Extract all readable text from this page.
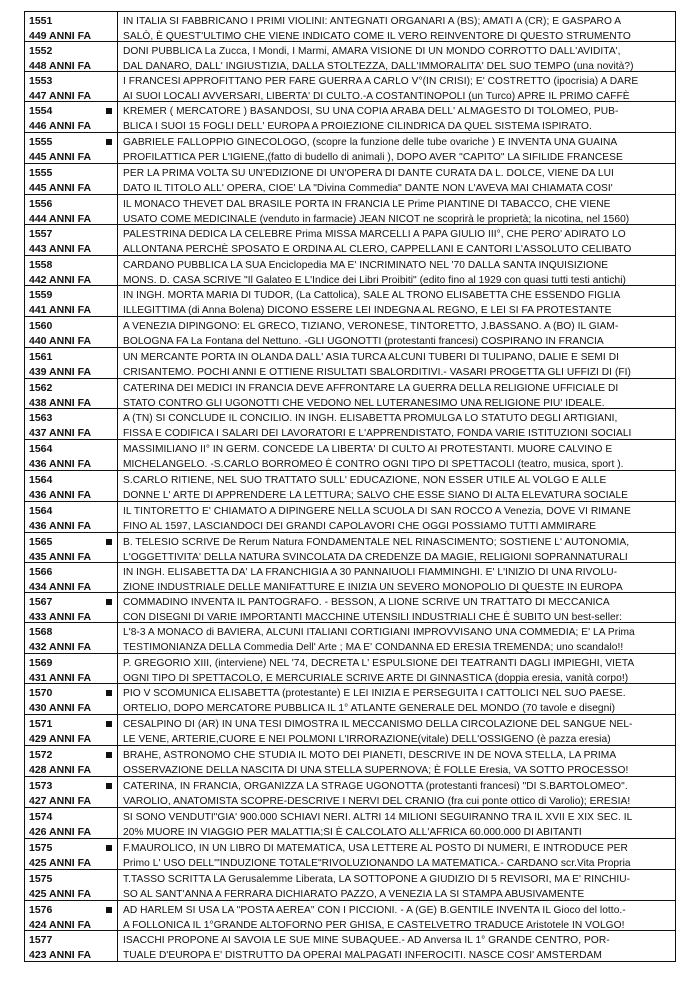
1551
449 ANNI FA
IN ITALIA SI FABBRICANO I PRIMI VIOLINI: ANTEGNATI ORGANARI A (BS); AMATI A (CR); E GASPARO A
SALÒ, È QUEST'ULTIMO CHE VIENE INDICATO COME IL VERO REINVENTORE DI QUESTO STRUMENTO
1552
448 ANNI FA
DONI PUBBLICA La Zucca, I Mondi, I Marmi, AMARA VISIONE DI UN MONDO CORROTTO DALL'AVIDITA',
DAL DANARO, DALL' INGIUSTIZIA, DALLA STOLTEZZA, DALL'IMMORALITA' DEL SUO TEMPO (una novità?)
1553
447 ANNI FA
I FRANCESI APPROFITTANO PER FARE GUERRA A CARLO V°(IN CRISI); E' COSTRETTO (ipocrisia) A DARE
AI SUOI LOCALI AVVERSARI, LIBERTA' DI CULTO.-A COSTANTINOPOLI (un Turco) APRE IL PRIMO CAFFÈ
1554
446 ANNI FA
KREMER ( MERCATORE ) BASANDOSI, SU UNA COPIA ARABA DELL' ALMAGESTO DI TOLOMEO, PUB-
BLICA I SUOI 15 FOGLI DELL' EUROPA A PROIEZIONE CILINDRICA DA QUEL SISTEMA ISPIRATO.
1555
445 ANNI FA
GABRIELE FALLOPPIO GINECOLOGO, (scopre la funzione delle tube ovariche ) E INVENTA UNA GUAINA
PROFILATTICA PER L'IGIENE,(fatto di budello di animali ), DOPO AVER "CAPITO" LA SIFILIDE FRANCESE
1555
445 ANNI FA
PER LA PRIMA VOLTA SU UN'EDIZIONE DI UN'OPERA DI DANTE CURATA DA L. DOLCE, VIENE DA LUI
DATO IL TITOLO ALL' OPERA, CIOE' LA "Divina Commedia" DANTE NON L'AVEVA MAI CHIAMATA COSI'
1556
444 ANNI FA
IL MONACO THEVET DAL BRASILE PORTA IN FRANCIA LE Prime PIANTINE DI TABACCO, CHE VIENE
USATO COME MEDICINALE (venduto in farmacie) JEAN NICOT ne scoprirà le proprietà; la nicotina, nel 1560)
1557
443 ANNI FA
PALESTRINA DEDICA LA CELEBRE Prima MISSA MARCELLI A PAPA GIULIO III°, CHE PERO' ADIRATO LO
ALLONTANA PERCHÈ SPOSATO E ORDINA AL CLERO, CAPPELLANI E CANTORI L'ASSOLUTO CELIBATO
1558
442 ANNI FA
CARDANO PUBBLICA LA SUA Enciclopedia MA E' INCRIMINATO NEL '70 DALLA SANTA INQUISIZIONE
MONS. D. CASA SCRIVE "Il Galateo E L'Indice dei Libri Proibiti" (edito fino al 1929 con quasi tutti testi antichi)
1559
441 ANNI FA
IN INGH. MORTA MARIA DI TUDOR, (La Cattolica), SALE AL TRONO ELISABETTA CHE ESSENDO FIGLIA
ILLEGITTIMA (di Anna Bolena) DICONO ESSERE LEI INDEGNA AL REGNO, E LEI SI FA PROTESTANTE
1560
440 ANNI FA
A VENEZIA DIPINGONO: EL GRECO, TIZIANO, VERONESE, TINTORETTO, J.BASSANO. A (BO) IL GIAM-
BOLOGNA FA La Fontana del Nettuno. -GLI UGONOTTI (protestanti francesi) COSPIRANO IN FRANCIA
1561
439 ANNI FA
UN MERCANTE PORTA IN OLANDA DALL' ASIA TURCA ALCUNI TUBERI DI TULIPANO, DALIE E SEMI DI
CRISANTEMO. POCHI ANNI E OTTIENE RISULTATI SBALORDITIVI.- VASARI PROGETTA GLI UFFIZI DI (FI)
1562
438 ANNI FA
CATERINA DEI MEDICI IN FRANCIA DEVE AFFRONTARE LA GUERRA DELLA RELIGIONE UFFICIALE DI
STATO CONTRO GLI UGONOTTI CHE VEDONO NEL LUTERANESIMO UNA RELIGIONE PIU' IDEALE.
1563
437 ANNI FA
A (TN) SI CONCLUDE IL CONCILIO. IN INGH. ELISABETTA PROMULGA LO STATUTO DEGLI ARTIGIANI,
FISSA E CODIFICA I SALARI DEI LAVORATORI E L'APPRENDISTATO, FONDA VARIE ISTITUZIONI SOCIALI
1564
436 ANNI FA
MASSIMILIANO II° IN GERM. CONCEDE LA LIBERTA' DI CULTO AI PROTESTANTI. MUORE CALVINO E
MICHELANGELO. -S.CARLO BORROMEO È CONTRO OGNI TIPO DI SPETTACOLI (teatro, musica, sport ).
1564
436 ANNI FA
S.CARLO RITIENE, NEL SUO TRATTATO SULL' EDUCAZIONE, NON ESSER UTILE AL VOLGO E ALLE
DONNE L' ARTE DI APPRENDERE LA LETTURA; SALVO CHE ESSE SIANO DI ALTA ELEVATURA SOCIALE
1564
436 ANNI FA
IL TINTORETTO E' CHIAMATO A DIPINGERE NELLA SCUOLA DI SAN ROCCO A Venezia, DOVE VI RIMANE
FINO AL 1597, LASCIANDOCI DEI GRANDI CAPOLAVORI CHE OGGI POSSIAMO TUTTI AMMIRARE
1565
435 ANNI FA
B. TELESIO SCRIVE De Rerum Natura FONDAMENTALE NEL RINASCIMENTO; SOSTIENE L' AUTONOMIA,
L'OGGETTIVITA' DELLA NATURA SVINCOLATA DA CREDENZE DA MAGIE, RELIGIONI SOPRANNATURALI
1566
434 ANNI FA
IN INGH. ELISABETTA DA' LA FRANCHIGIA A 30 PANNAIUOLI FIAMMINGHI. E' L'INIZIO DI UNA RIVOLU-
ZIONE INDUSTRIALE DELLE MANIFATTURE E INIZIA UN SEVERO MONOPOLIO DI QUESTE IN EUROPA
1567
433 ANNI FA
COMMADINO INVENTA IL PANTOGRAFO. - BESSON, A LIONE SCRIVE UN TRATTATO DI MECCANICA
CON DISEGNI DI VARIE IMPORTANTI MACCHINE UTENSILI INDUSTRIALI CHE È SUBITO UN best-seller:
1568
432 ANNI FA
L'8-3 A MONACO di BAVIERA, ALCUNI ITALIANI CORTIGIANI IMPROVVISANO UNA COMMEDIA; E' LA Prima
TESTIMONIANZA DELLA Commedia Dell' Arte ; MA E' CONDANNA ED ERESIA TREMENDA; uno scandalo!!
1569
431 ANNI FA
P. GREGORIO XIII, (interviene) NEL '74, DECRETA L' ESPULSIONE DEI TEATRANTI DAGLI IMPIEGHI, VIETA
OGNI TIPO DI SPETTACOLO, E MERCURIALE SCRIVE ARTE DI GINNASTICA (doppia eresia, vanità corpo!)
1570
430 ANNI FA
PIO V SCOMUNICA ELISABETTA (protestante) E LEI INIZIA E PERSEGUITA I CATTOLICI NEL SUO PAESE.
ORTELIO, DOPO MERCATORE PUBBLICA IL 1° ATLANTE GENERALE DEL MONDO (70 tavole e disegni)
1571
429 ANNI FA
CESALPINO DI (AR) IN UNA TESI DIMOSTRA IL MECCANISMO DELLA CIRCOLAZIONE DEL SANGUE NEL-
LE VENE, ARTERIE,CUORE E NEI POLMONI L'IRRORAZIONE(vitale) DELL'OSSIGENO (è pazza eresia)
1572
428 ANNI FA
BRAHE, ASTRONOMO CHE STUDIA IL MOTO DEI PIANETI, DESCRIVE IN DE NOVA STELLA, LA PRIMA
OSSERVAZIONE DELLA NASCITA DI UNA STELLA SUPERNOVA; È FOLLE Eresia, VA SOTTO PROCESSO!
1573
427 ANNI FA
CATERINA, IN FRANCIA, ORGANIZZA LA STRAGE UGONOTTA (protestanti francesi) "DI S.BARTOLOMEO".
VAROLIO, ANATOMISTA SCOPRE-DESCRIVE I NERVI DEL CRANIO (fra cui ponte ottico di Varolio); ERESIA!
1574
426 ANNI FA
SI SONO VENDUTI"GIA' 900.000 SCHIAVI NERI. ALTRI 14 MILIONI SEGUIRANNO TRA IL XVII E XIX SEC. IL
20% MUORE IN VIAGGIO PER MALATTIA;SI È CALCOLATO ALL'AFRICA 60.000.000 DI ABITANTI
1575
425 ANNI FA
F.MAUROLICO, IN UN LIBRO DI MATEMATICA, USA LETTERE AL POSTO DI NUMERI, E INTRODUCE PER
Primo L' USO DELL'"INDUZIONE TOTALE"RIVOLUZIONANDO LA MATEMATICA.- CARDANO scr.Vita Propria
1575
425 ANNI FA
T.TASSO SCRITTA LA Gerusalemme Liberata, LA SOTTOPONE A GIUDIZIO DI 5 REVISORI, MA E' RINCHIU-
SO AL SANT'ANNA A FERRARA DICHIARATO PAZZO, A VENEZIA LA SI STAMPA ABUSIVAMENTE
1576
424 ANNI FA
AD HARLEM SI USA LA "POSTA AEREA" CON I PICCIONI. - A (GE) B.GENTILE INVENTA IL Gioco del lotto.-
A FOLLONICA IL 1°GRANDE ALTOFORNO PER GHISA, E CASTELVETRO TRADUCE Aristotele IN VOLGO!
1577
423 ANNI FA
ISACCHI PROPONE AI SAVOIA LE SUE MINE SUBAQUEE.- AD Anversa IL 1° GRANDE CENTRO, POR-
TUALE D'EUROPA E' DISTRUTTO DA OPERAI MALPAGATI INFEROCITI. NASCE COSI' AMSTERDAM
